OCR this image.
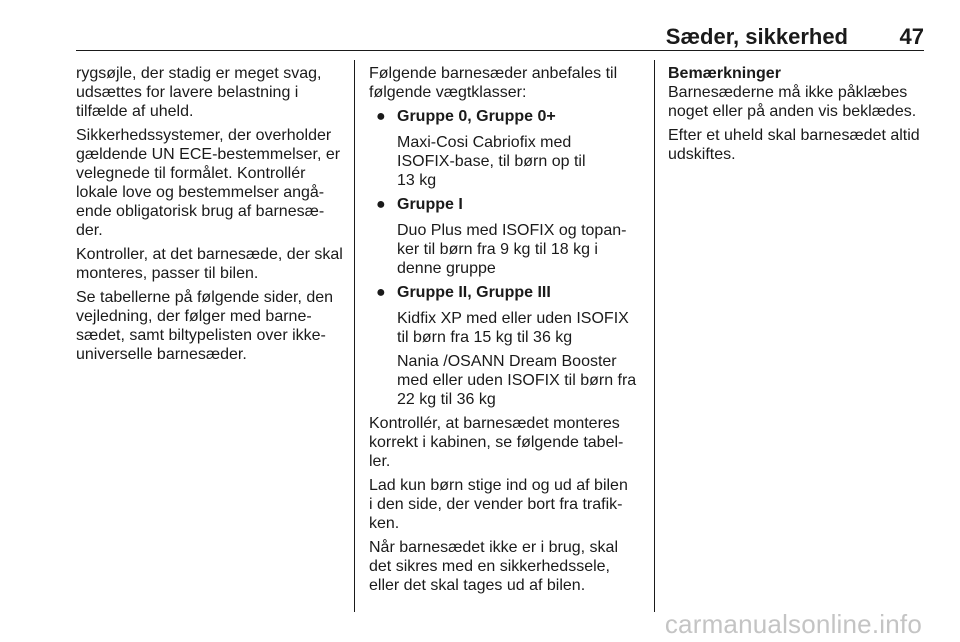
Sæder, sikkerhed 47

rygsøjle, der stadig er meget svag,
udsættes for lavere belastning i
tilfælde af uheld.

Sikkerhedssystemer, der overholder
gældende UN ECE-bestemmelser, er
velegnede til formålet. Kontrollér
lokale love og bestemmelser angå‐
ende obligatorisk brug af barnesæ‐
der.

Kontroller, at det barnesæde, der skal
monteres, passer til bilen.

Se tabellerne på følgende sider, den
vejledning, der følger med barne‐
sædet, samt biltypelisten over ikke-
universelle barnesæder.

Følgende barnesæder anbefales til
følgende vægtklasser:

● Gruppe 0, Gruppe 0+

Maxi-Cosi Cabriofix med
ISOFIX-base, til børn op til
13 kg

● Gruppe I

Duo Plus med ISOFIX og topan‐
ker til børn fra 9 kg til 18 kg i
denne gruppe

● Gruppe II, Gruppe III

Kidfix XP med eller uden ISOFIX
til børn fra 15 kg til 36 kg

Nania /OSANN Dream Booster
med eller uden ISOFIX til børn fra
22 kg til 36 kg

Kontrollér, at barnesædet monteres
korrekt i kabinen, se følgende tabel‐
ler.

Lad kun børn stige ind og ud af bilen
i den side, der vender bort fra trafik‐
ken.

Når barnesædet ikke er i brug, skal
det sikres med en sikkerhedssele,
eller det skal tages ud af bilen.

Bemærkninger

Barnesæderne må ikke påklæbes
noget eller på anden vis beklædes.

Efter et uheld skal barnesædet altid
udskiftes.

carmanualsonline.info
